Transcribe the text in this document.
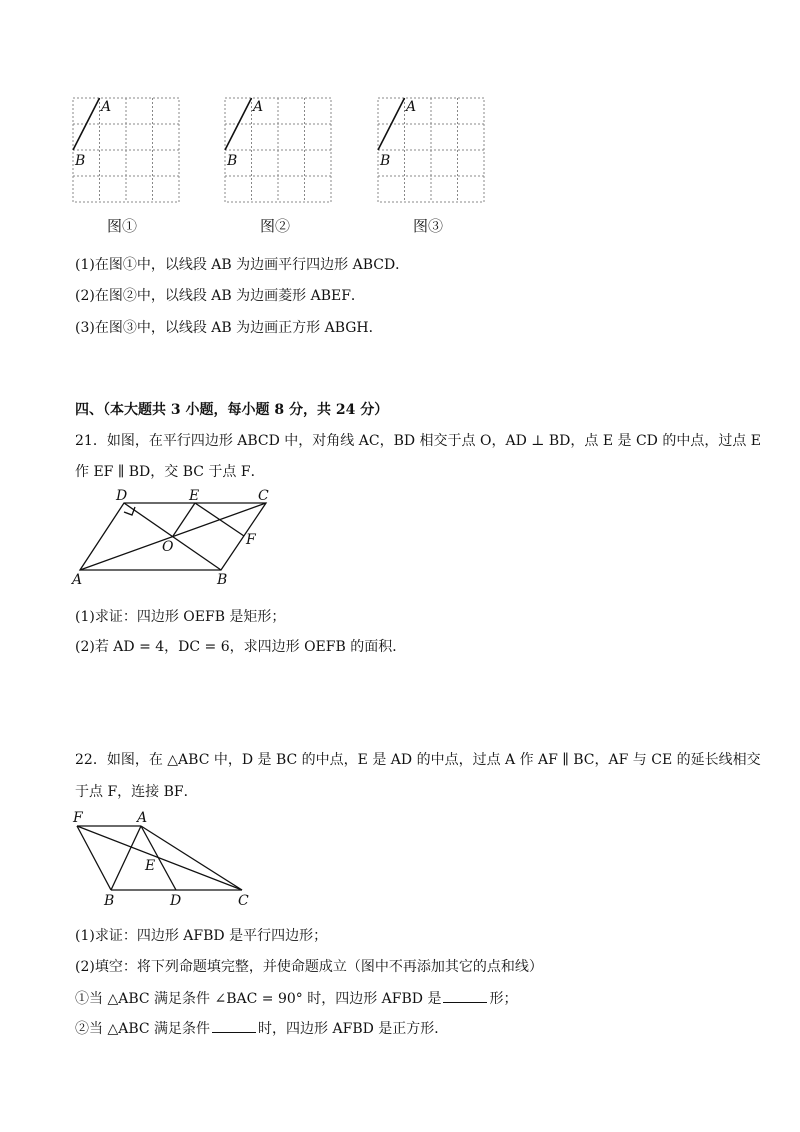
A
B
A
B
A
B
图①	图②	图③
(1)在图①中，以线段 AB 为边画平行四边形 ABCD．
(2)在图②中，以线段 AB 为边画菱形 ABEF．
(3)在图③中，以线段 AB 为边画正方形 ABGH．
四、（本大题共 3 小题，每小题 8 分，共 24 分）
21．如图，在平行四边形 ABCD 中，对角线 AC，BD 相交于点 O，AD ⊥ BD，点 E 是 CD 的中点，过点 E
作 EF ∥ BD，交 BC 于点 F．
D	E	C
O	F
A	B
(1)求证：四边形 OEFB 是矩形；
(2)若 AD = 4，DC = 6，求四边形 OEFB 的面积．
22．如图，在 △ABC 中，D 是 BC 的中点，E 是 AD 的中点，过点 A 作 AF ∥ BC，AF 与 CE 的延长线相交
于点 F，连接 BF．
F	A
E
B	D	C
(1)求证：四边形 AFBD 是平行四边形；
(2)填空：将下列命题填完整，并使命题成立（图中不再添加其它的点和线）
①当 △ABC 满足条件 ∠BAC = 90° 时，四边形 AFBD 是	形；
②当 △ABC 满足条件	时，四边形 AFBD 是正方形．
